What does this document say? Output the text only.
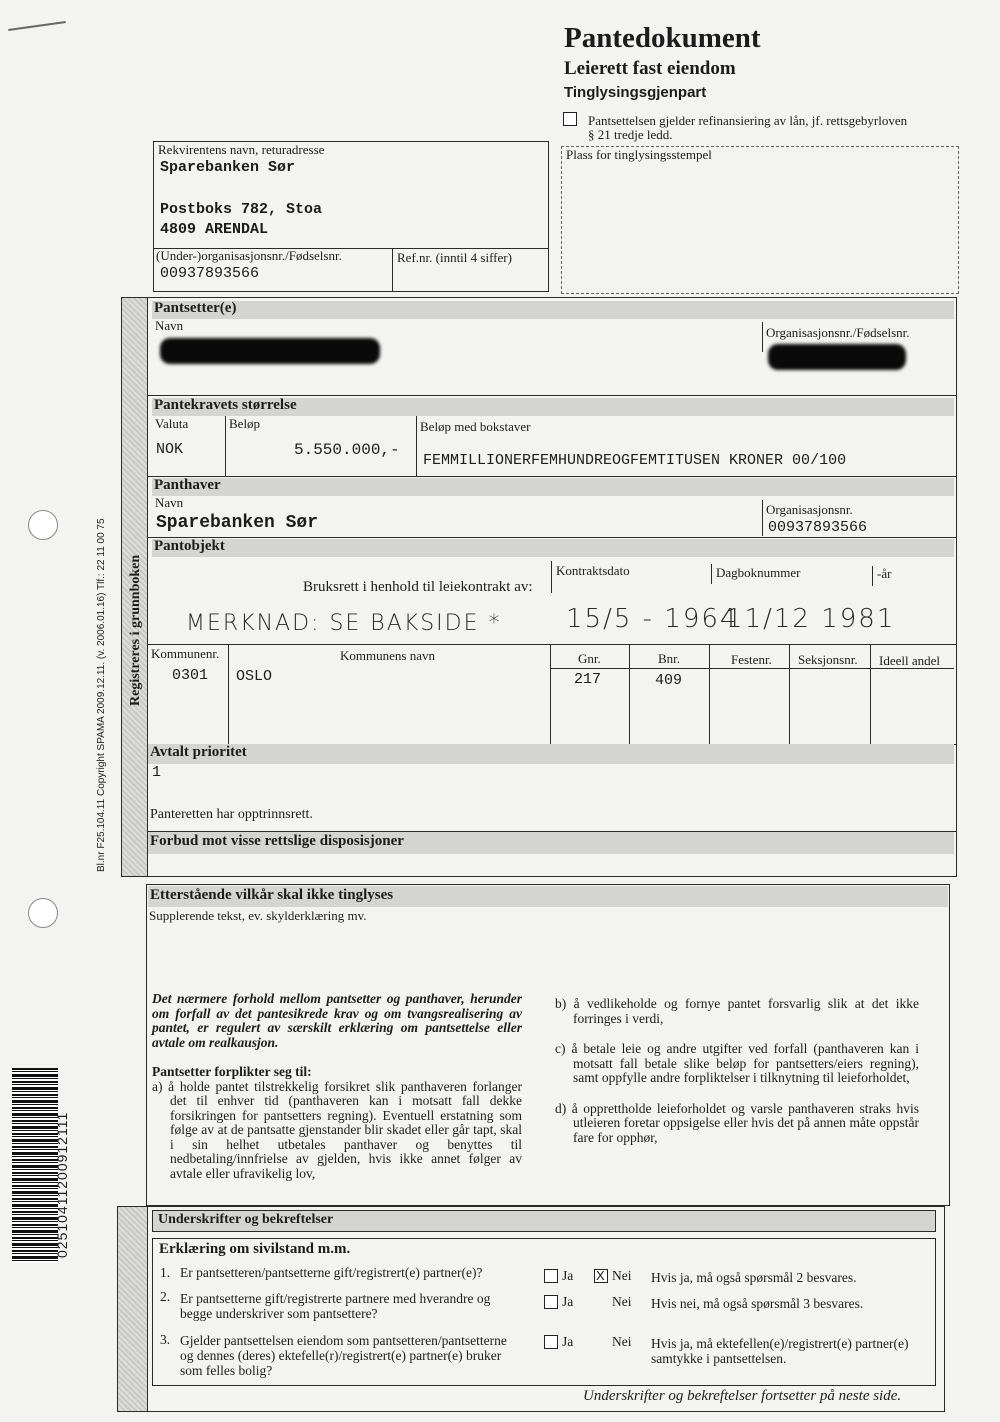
02510411200912111
Bl.nr F25.104.11 Copyright SPAMA 2009.12.11. (v. 2006.01.16) Tlf.: 22 11 00 75
Pantedokument
Leierett fast eiendom
Tinglysingsgjenpart
Pantsettelsen gjelder refinansiering av lån, jf. rettsgebyrloven
§ 21 tredje ledd.
Plass for tinglysingsstempel
Rekvirentens navn, returadresse
Sparebanken Sør
Postboks 782, Stoa
4809 ARENDAL
(Under-)organisasjonsnr./Fødselsnr.
00937893566
Ref.nr. (inntil 4 siffer)
Registreres i grunnboken
Pantsetter(e)
Navn	Organisasjonsnr./Fødselsnr.
Pantekravets størrelse
Valuta	Beløp	Beløp med bokstaver
NOK	5.550.000,-
FEMMILLIONERFEMHUNDREOGFEMTITUSEN KRONER 00/100
Panthaver
Navn
Sparebanken Sør
Organisasjonsnr.
00937893566
Pantobjekt
Bruksrett i henhold til leiekontrakt av:
Kontraktsdato	Dagboknummer	-år
MERKNAD: SE BAKSIDE * 15/5 - 1964
11/12 1981
Kommunenr.	Kommunens navn	Gnr.	Bnr.	Festenr. Seksjonsnr. Ideell andel
0301 OSLO	217	409
Avtalt prioritet
1
Panteretten har opptrinnsrett.
Forbud mot visse rettslige disposisjoner
Etterstående vilkår skal ikke tinglyses
Supplerende tekst, ev. skylderklæring mv.

Det nærmere forhold mellom pantsetter og panthaver, herunder om forfall av det pantesikrede krav og om tvangsrealisering av pantet, er regulert av særskilt erklæring om pantsettelse eller avtale om realkausjon.

Pantsetter forplikter seg til:

a) å holde pantet tilstrekkelig forsikret slik panthaveren forlanger det til enhver tid (panthaveren kan i motsatt fall dekke forsikringen for pantsetters regning). Eventuell erstatning som følge av at de pantsatte gjenstander blir skadet eller går tapt, skal i sin helhet utbetales panthaver og benyttes til nedbetaling/innfrielse av gjelden, hvis ikke annet følger av avtale eller ufravikelig lov,

b) å vedlikeholde og fornye pantet forsvarlig slik at det ikke forringes i verdi,

c) å betale leie og andre utgifter ved forfall (panthaveren kan i motsatt fall betale slike beløp for pantsetters/eiers regning), samt oppfylle andre forpliktelser i tilknytning til leieforholdet,

d) å opprettholde leieforholdet og varsle panthaveren straks hvis utleieren foretar oppsigelse eller hvis det på annen måte oppstår fare for opphør,

Underskrifter og bekreftelser
Erklæring om sivilstand m.m.
1. Er pantsetteren/pantsetterne gift/registrert(e) partner(e)?	Ja X Nei Hvis ja, må også spørsmål 2 besvares.
2. Er pantsetterne gift/registrerte partnere med hverandre og begge underskriver som pantsettere?
Ja	Nei Hvis nei, må også spørsmål 3 besvares.
3. Gjelder pantsettelsen eiendom som pantsetteren/pantsetterne og dennes (deres) ektefelle(r)/registrert(e) partner(e) bruker som felles bolig?
Ja	Nei Hvis ja, må ektefellen(e)/registrert(e) partner(e) samtykke i pantsettelsen.
Underskrifter og bekreftelser fortsetter på neste side.
